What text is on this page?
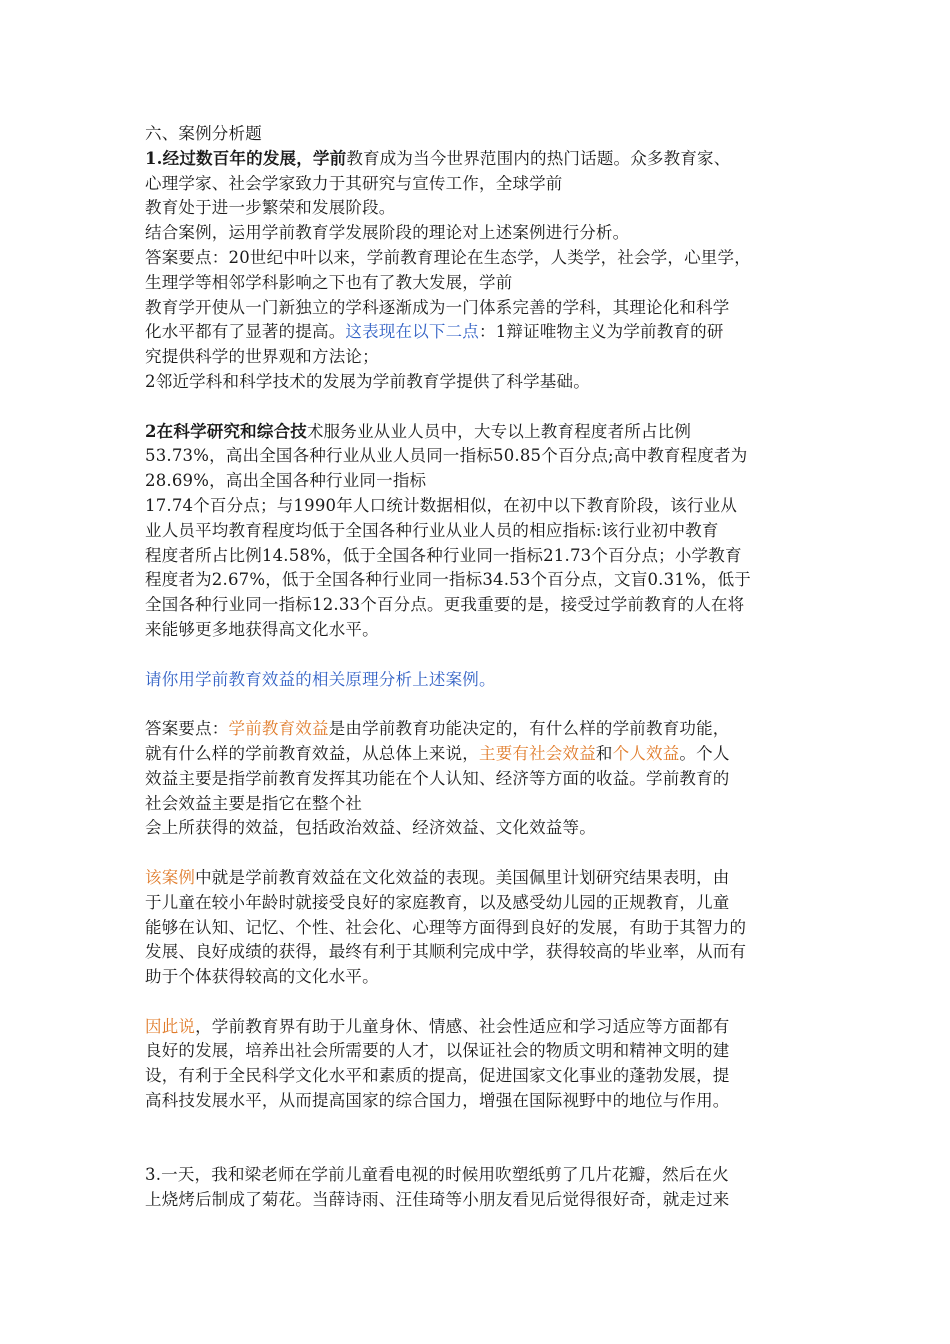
六、案例分析题
1.经过数百年的发展，学前教育成为当今世界范围内的热门话题。众多教育家、
心理学家、社会学家致力于其研究与宣传工作，全球学前
教育处于进一步繁荣和发展阶段。
结合案例，运用学前教育学发展阶段的理论对上述案例进行分析。
答案要点：20世纪中叶以来，学前教育理论在生态学，人类学，社会学，心里学，
生理学等相邻学科影响之下也有了教大发展，学前
教育学开使从一门新独立的学科逐渐成为一门体系完善的学科，其理论化和科学
化水平都有了显著的提高。这表现在以下二点：1辩证唯物主义为学前教育的研
究提供科学的世界观和方法论；
2邻近学科和科学技术的发展为学前教育学提供了科学基础。
2在科学研究和综合技术服务业从业人员中，大专以上教育程度者所占比例
53.73%，高出全国各种行业从业人员同一指标50.85个百分点;高中教育程度者为
28.69%，高出全国各种行业同一指标
17.74个百分点；与1990年人口统计数据相似，在初中以下教育阶段，该行业从
业人员平均教育程度均低于全国各种行业从业人员的相应指标:该行业初中教育
程度者所占比例14.58%，低于全国各种行业同一指标21.73个百分点；小学教育
程度者为2.67%，低于全国各种行业同一指标34.53个百分点，文盲0.31%，低于
全国各种行业同一指标12.33个百分点。更我重要的是，接受过学前教育的人在将
来能够更多地获得高文化水平。
请你用学前教育效益的相关原理分析上述案例。
答案要点：学前教育效益是由学前教育功能决定的，有什么样的学前教育功能，
就有什么样的学前教育效益，从总体上来说，主要有社会效益和个人效益。个人
效益主要是指学前教育发挥其功能在个人认知、经济等方面的收益。学前教育的
社会效益主要是指它在整个社
会上所获得的效益，包括政治效益、经济效益、文化效益等。
该案例中就是学前教育效益在文化效益的表现。美国佩里计划研究结果表明，由
于儿童在较小年龄时就接受良好的家庭教育，以及感受幼儿园的正规教育，儿童
能够在认知、记忆、个性、社会化、心理等方面得到良好的发展，有助于其智力的
发展、良好成绩的获得，最终有利于其顺利完成中学，获得较高的毕业率，从而有
助于个体获得较高的文化水平。
因此说，学前教育界有助于儿童身休、情感、社会性适应和学习适应等方面都有
良好的发展，培养出社会所需要的人才，以保证社会的物质文明和精神文明的建
设，有利于全民科学文化水平和素质的提高，促进国家文化事业的蓬勃发展，提
高科技发展水平，从而提高国家的综合国力，增强在国际视野中的地位与作用。
3.一天，我和梁老师在学前儿童看电视的时候用吹塑纸剪了几片花瓣，然后在火
上烧烤后制成了菊花。当薛诗雨、汪佳琦等小朋友看见后觉得很好奇，就走过来
